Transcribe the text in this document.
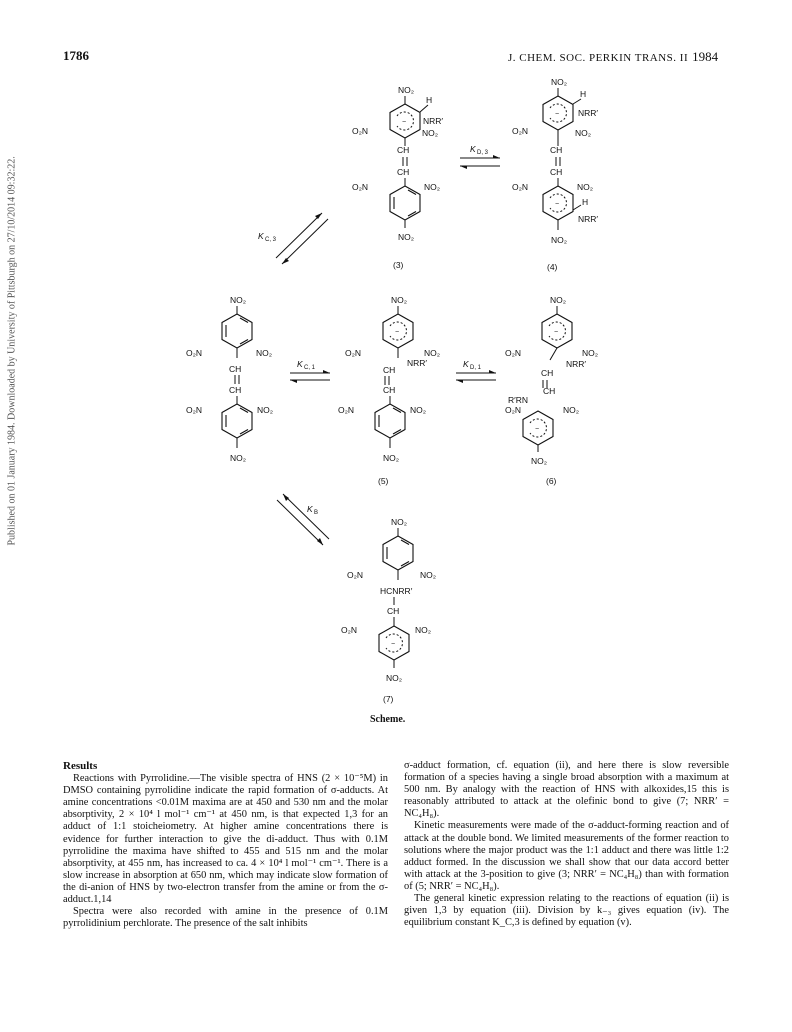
1786	J. CHEM. SOC. PERKIN TRANS. II 1984
Published on 01 January 1984. Downloaded by University of Pittsburgh on 27/10/2014 09:32:22.
NO₂
H
NRR′
O₂N	NO₂
CH
CH
O₂N	NO₂
NO₂
(3)
K D, 3
NO₂
H
NRR′
O₂N	NO₂
CH
CH
O₂N	NO₂
H
NRR′
NO₂
(4)
K C, 3
NO₂
O₂N	NO₂
CH
CH
O₂N	NO₂
NO₂
K C, 1
NO₂
O₂N	NO₂
NRR′
CH
CH
O₂N	NO₂
NO₂
(5)
K D, 1
NO₂
O₂N	NO₂
NRR′
CH
CH
R′RN
O₂N	NO₂
NO₂
(6)
K B
NO₂
O₂N	NO₂
HCNRR′
CH
O₂N	NO₂
NO₂
(7)
Scheme.
Results

Reactions with Pyrrolidine.—The visible spectra of HNS (2 × 10⁻⁵M) in DMSO containing pyrrolidine indicate the rapid formation of σ-adducts. At amine concentrations <0.01M maxima are at 450 and 530 nm and the molar absorptivity, 2 × 10⁴ l mol⁻¹ cm⁻¹ at 450 nm, is that expected 1,3 for an adduct of 1:1 stoicheiometry. At higher amine concentrations there is evidence for further interaction to give the di-adduct. Thus with 0.1M pyrrolidine the maxima have shifted to 455 and 515 nm and the molar absorptivity, at 455 nm, has increased to ca. 4 × 10⁴ l mol⁻¹ cm⁻¹. There is a slow increase in absorption at 650 nm, which may indicate slow formation of the di-anion of HNS by two-electron transfer from the amine or from the σ-adduct.1,14

Spectra were also recorded with amine in the presence of 0.1M pyrrolidinium perchlorate. The presence of the salt inhibits

σ-adduct formation, cf. equation (ii), and here there is slow reversible formation of a species having a single broad absorption with a maximum at 500 nm. By analogy with the reaction of HNS with alkoxides,15 this is reasonably attributed to attack at the olefinic bond to give (7; NRR′ = NC₄H₈).

Kinetic measurements were made of the σ-adduct-forming reaction and of attack at the double bond. We limited measurements of the former reaction to solutions where the major product was the 1:1 adduct and there was little 1:2 adduct formed. In the discussion we shall show that our data accord better with attack at the 3-position to give (3; NRR′ = NC₄H₈) than with formation of (5; NRR′ = NC₄H₈).

The general kinetic expression relating to the reactions of equation (ii) is given 1,3 by equation (iii). Division by k₋₃ gives equation (iv). The equilibrium constant K_C,3 is defined by equation (v).
